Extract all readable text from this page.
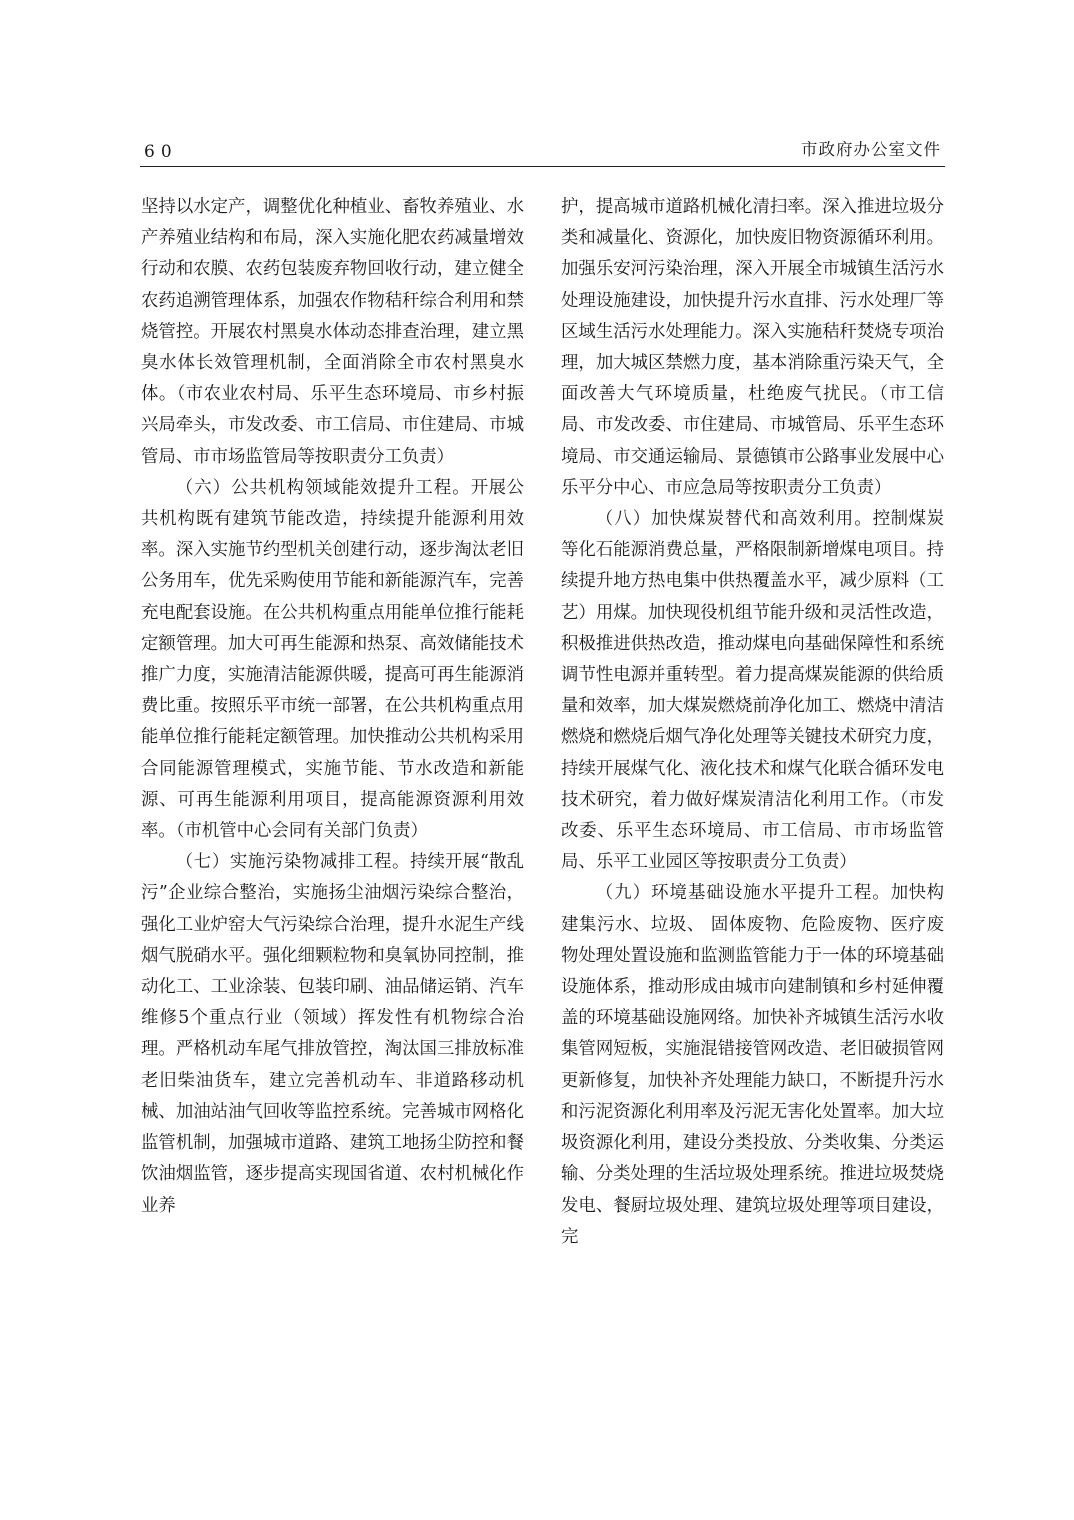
60	市政府办公室文件

坚持以水定产，调整优化种植业、畜牧养殖业、水产养殖业结构和布局，深入实施化肥农药减量增效行动和农膜、农药包装废弃物回收行动，建立健全农药追溯管理体系，加强农作物秸秆综合利用和禁烧管控。开展农村黑臭水体动态排查治理，建立黑臭水体长效管理机制，全面消除全市农村黑臭水体。（市农业农村局、乐平生态环境局、市乡村振兴局牵头，市发改委、市工信局、市住建局、市城管局、市市场监管局等按职责分工负责）

（六）公共机构领域能效提升工程。开展公共机构既有建筑节能改造，持续提升能源利用效率。深入实施节约型机关创建行动，逐步淘汰老旧公务用车，优先采购使用节能和新能源汽车，完善充电配套设施。在公共机构重点用能单位推行能耗定额管理。加大可再生能源和热泵、高效储能技术推广力度，实施清洁能源供暖，提高可再生能源消费比重。按照乐平市统一部署，在公共机构重点用能单位推行能耗定额管理。加快推动公共机构采用合同能源管理模式，实施节能、节水改造和新能源、可再生能源利用项目，提高能源资源利用效率。（市机管中心会同有关部门负责）

（七）实施污染物减排工程。持续开展“散乱污”企业综合整治，实施扬尘油烟污染综合整治，强化工业炉窑大气污染综合治理，提升水泥生产线烟气脱硝水平。强化细颗粒物和臭氧协同控制，推动化工、工业涂装、包装印刷、油品储运销、汽车维修5个重点行业（领域）挥发性有机物综合治理。严格机动车尾气排放管控，淘汰国三排放标准老旧柴油货车，建立完善机动车、非道路移动机械、加油站油气回收等监控系统。完善城市网格化监管机制，加强城市道路、建筑工地扬尘防控和餐饮油烟监管，逐步提高实现国省道、农村机械化作业养

护，提高城市道路机械化清扫率。深入推进垃圾分类和减量化、资源化，加快废旧物资源循环利用。加强乐安河污染治理，深入开展全市城镇生活污水处理设施建设，加快提升污水直排、污水处理厂等区域生活污水处理能力。深入实施秸秆焚烧专项治理，加大城区禁燃力度，基本消除重污染天气，全面改善大气环境质量，杜绝废气扰民。（市工信局、市发改委、市住建局、市城管局、乐平生态环境局、市交通运输局、景德镇市公路事业发展中心乐平分中心、市应急局等按职责分工负责）

（八）加快煤炭替代和高效利用。控制煤炭等化石能源消费总量，严格限制新增煤电项目。持续提升地方热电集中供热覆盖水平，减少原料（工艺）用煤。加快现役机组节能升级和灵活性改造，积极推进供热改造，推动煤电向基础保障性和系统调节性电源并重转型。着力提高煤炭能源的供给质量和效率，加大煤炭燃烧前净化加工、燃烧中清洁燃烧和燃烧后烟气净化处理等关键技术研究力度，持续开展煤气化、液化技术和煤气化联合循环发电技术研究，着力做好煤炭清洁化利用工作。（市发改委、乐平生态环境局、市工信局、市市场监管局、乐平工业园区等按职责分工负责）

（九）环境基础设施水平提升工程。加快构建集污水、垃圾、 固体废物、危险废物、医疗废物处理处置设施和监测监管能力于一体的环境基础设施体系，推动形成由城市向建制镇和乡村延伸覆盖的环境基础设施网络。加快补齐城镇生活污水收集管网短板，实施混错接管网改造、老旧破损管网更新修复，加快补齐处理能力缺口，不断提升污水和污泥资源化利用率及污泥无害化处置率。加大垃圾资源化利用，建设分类投放、分类收集、分类运输、分类处理的生活垃圾处理系统。推进垃圾焚烧发电、餐厨垃圾处理、建筑垃圾处理等项目建设，完
